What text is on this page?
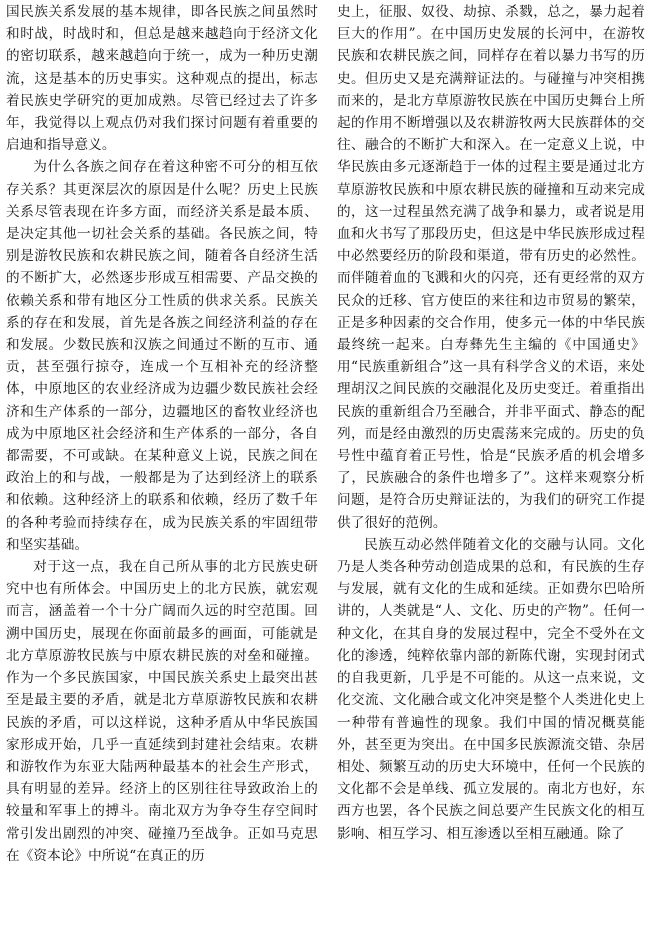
国民族关系发展的基本规律，即各民族之间虽然时和时战，时战时和，但总是越来越趋向于经济文化的密切联系，越来越趋向于统一，成为一种历史潮流，这是基本的历史事实。这种观点的提出，标志着民族史学研究的更加成熟。尽管已经过去了许多年，我觉得以上观点仍对我们探讨问题有着重要的启迪和指导意义。

为什么各族之间存在着这种密不可分的相互依存关系？其更深层次的原因是什么呢？历史上民族关系尽管表现在许多方面，而经济关系是最本质、是决定其他一切社会关系的基础。各民族之间，特别是游牧民族和农耕民族之间，随着各自经济生活的不断扩大，必然逐步形成互相需要、产品交换的依赖关系和带有地区分工性质的供求关系。民族关系的存在和发展，首先是各族之间经济利益的存在和发展。少数民族和汉族之间通过不断的互市、通贡，甚至强行掠夺，连成一个互相补充的经济整体，中原地区的农业经济成为边疆少数民族社会经济和生产体系的一部分，边疆地区的畜牧业经济也成为中原地区社会经济和生产体系的一部分，各自都需要，不可或缺。在某种意义上说，民族之间在政治上的和与战，一般都是为了达到经济上的联系和依赖。这种经济上的联系和依赖，经历了数千年的各种考验而持续存在，成为民族关系的牢固纽带和坚实基础。

对于这一点，我在自己所从事的北方民族史研究中也有所体会。中国历史上的北方民族，就宏观而言，涵盖着一个十分广阔而久远的时空范围。回溯中国历史，展现在你面前最多的画面，可能就是北方草原游牧民族与中原农耕民族的对垒和碰撞。作为一个多民族国家，中国民族关系史上最突出甚至是最主要的矛盾，就是北方草原游牧民族和农耕民族的矛盾，可以这样说，这种矛盾从中华民族国家形成开始，几乎一直延续到封建社会结束。农耕和游牧作为东亚大陆两种最基本的社会生产形式，具有明显的差异。经济上的区别往往导致政治上的较量和军事上的搏斗。南北双方为争夺生存空间时常引发出剧烈的冲突、碰撞乃至战争。正如马克思在《资本论》中所说“在真正的历

史上，征服、奴役、劫掠、杀戮，总之，暴力起着巨大的作用”。在中国历史发展的长河中，在游牧民族和农耕民族之间，同样存在着以暴力书写的历史。但历史又是充满辩证法的。与碰撞与冲突相携而来的，是北方草原游牧民族在中国历史舞台上所起的作用不断增强以及农耕游牧两大民族群体的交往、融合的不断扩大和深入。在一定意义上说，中华民族由多元逐渐趋于一体的过程主要是通过北方草原游牧民族和中原农耕民族的碰撞和互动来完成的，这一过程虽然充满了战争和暴力，或者说是用血和火书写了那段历史，但这是中华民族形成过程中必然要经历的阶段和渠道，带有历史的必然性。而伴随着血的飞溅和火的闪亮，还有更经常的双方民众的迁移、官方使臣的来往和边市贸易的繁荣，正是多种因素的交合作用，使多元一体的中华民族最终统一起来。白寿彝先生主编的《中国通史》用“民族重新组合”这一具有科学含义的术语，来处理胡汉之间民族的交融混化及历史变迁。着重指出民族的重新组合乃至融合，并非平面式、静态的配列，而是经由激烈的历史震荡来完成的。历史的负号性中蕴育着正号性，恰是“民族矛盾的机会增多了，民族融合的条件也增多了”。这样来观察分析问题，是符合历史辩证法的，为我们的研究工作提供了很好的范例。

民族互动必然伴随着文化的交融与认同。文化乃是人类各种劳动创造成果的总和，有民族的生存与发展，就有文化的生成和延续。正如费尔巴哈所讲的，人类就是“人、文化、历史的产物”。任何一种文化，在其自身的发展过程中，完全不受外在文化的渗透，纯粹依靠内部的新陈代谢，实现封闭式的自我更新，几乎是不可能的。从这一点来说，文化交流、文化融合或文化冲突是整个人类进化史上一种带有普遍性的现象。我们中国的情况概莫能外，甚至更为突出。在中国多民族源流交错、杂居相处、频繁互动的历史大环境中，任何一个民族的文化都不会是单线、孤立发展的。南北方也好，东西方也罢，各个民族之间总要产生民族文化的相互影响、相互学习、相互渗透以至相互融通。除了
